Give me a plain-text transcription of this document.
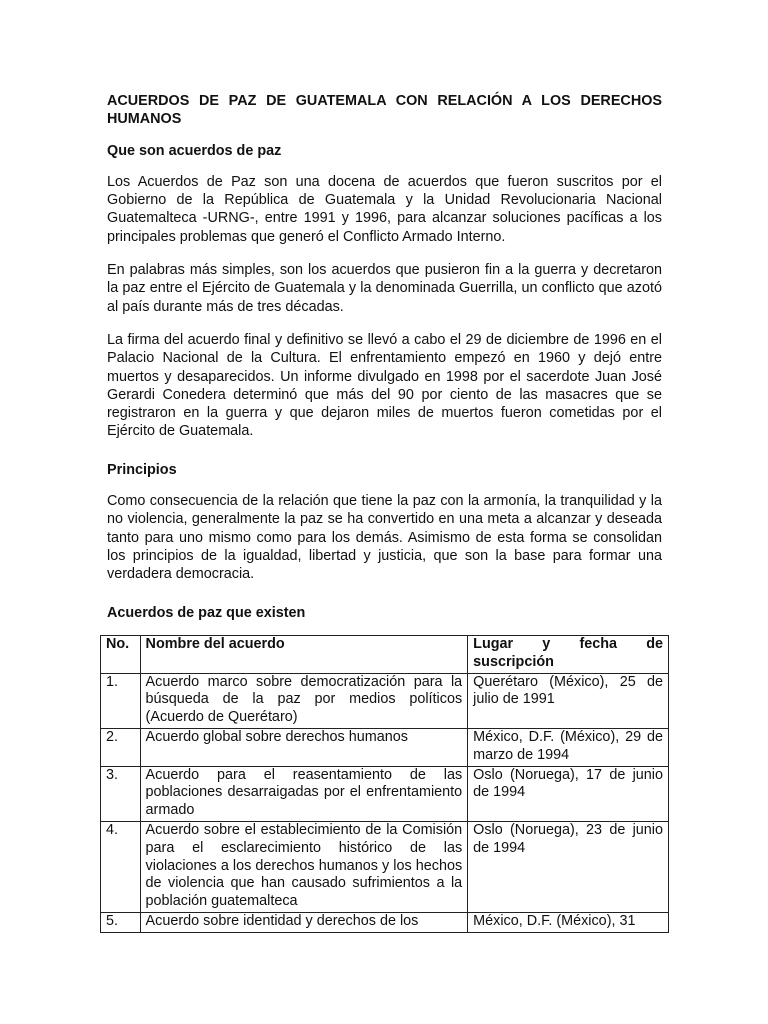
ACUERDOS DE PAZ DE GUATEMALA CON RELACIÓN A LOS DERECHOS HUMANOS

Que son acuerdos de paz

Los Acuerdos de Paz son una docena de acuerdos que fueron suscritos por el Gobierno de la República de Guatemala y la Unidad Revolucionaria Nacional Guatemalteca -URNG-, entre 1991 y 1996, para alcanzar soluciones pacíficas a los principales problemas que generó el Conflicto Armado Interno.

En palabras más simples, son los acuerdos que pusieron fin a la guerra y decretaron la paz entre el Ejército de Guatemala y la denominada Guerrilla, un conflicto que azotó al país durante más de tres décadas.

La firma del acuerdo final y definitivo se llevó a cabo el 29 de diciembre de 1996 en el Palacio Nacional de la Cultura. El enfrentamiento empezó en 1960 y dejó entre muertos y desaparecidos. Un informe divulgado en 1998 por el sacerdote Juan José Gerardi Conedera determinó que más del 90 por ciento de las masacres que se registraron en la guerra y que dejaron miles de muertos fueron cometidas por el Ejército de Guatemala.

Principios

Como consecuencia de la relación que tiene la paz con la armonía, la tranquilidad y la no violencia, generalmente la paz se ha convertido en una meta a alcanzar y deseada tanto para uno mismo como para los demás. Asimismo de esta forma se consolidan los principios de la igualdad, libertad y justicia, que son la base para formar una verdadera democracia.

Acuerdos de paz que existen

No.	Nombre del acuerdo	Lugar y fecha de
suscripción

1.	Acuerdo marco sobre democratización para la búsqueda de la paz por medios políticos (Acuerdo de Querétaro)	Querétaro (México), 25 de julio de 1991
2.	Acuerdo global sobre derechos humanos	México, D.F. (México), 29 de marzo de 1994
3.	Acuerdo para el reasentamiento de las poblaciones desarraigadas por el enfrentamiento armado	Oslo (Noruega), 17 de junio de 1994
4.	Acuerdo sobre el establecimiento de la Comisión para el esclarecimiento histórico de las violaciones a los derechos humanos y los hechos de violencia que han causado sufrimientos a la población guatemalteca	Oslo (Noruega), 23 de junio de 1994
5.	Acuerdo sobre identidad y derechos de los	México, D.F. (México), 31
